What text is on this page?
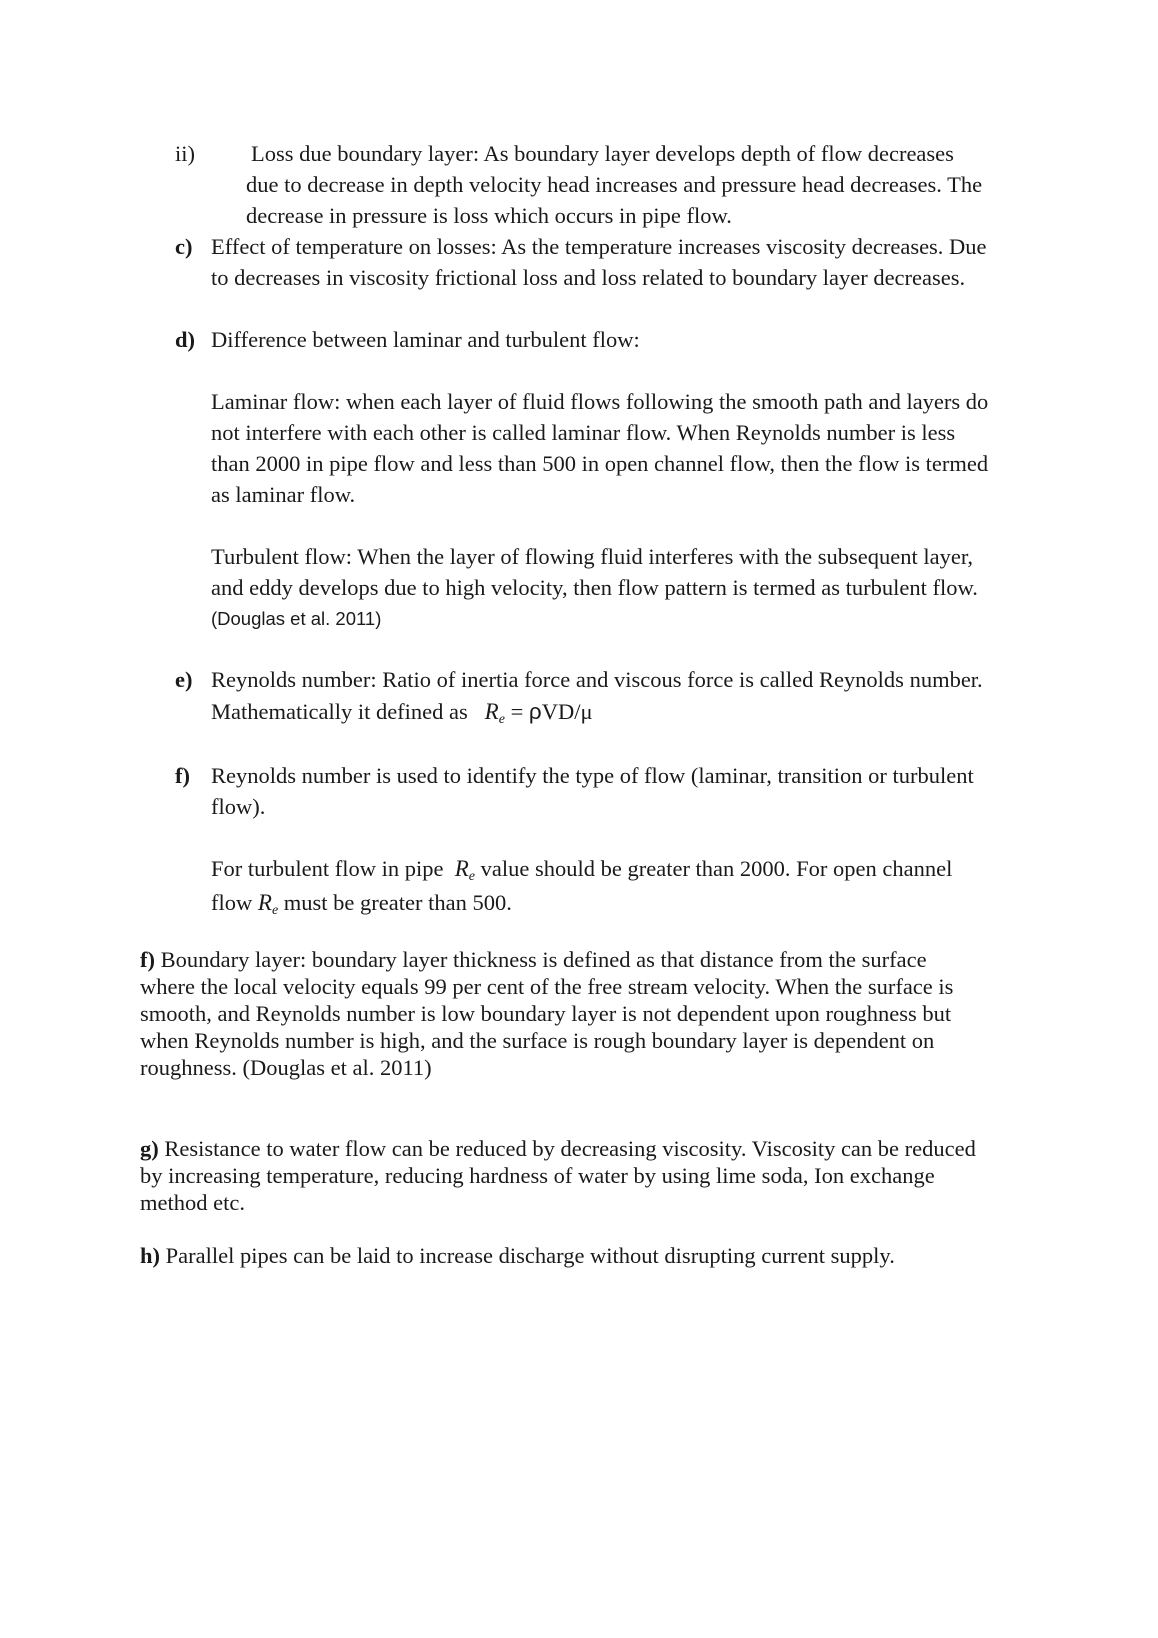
ii) Loss due boundary layer: As boundary layer develops depth of flow decreases
due to decrease in depth velocity head increases and pressure head decreases. The
decrease in pressure is loss which occurs in pipe flow.
c) Effect of temperature on losses: As the temperature increases viscosity decreases. Due
to decreases in viscosity frictional loss and loss related to boundary layer decreases.
d) Difference between laminar and turbulent flow:
Laminar flow: when each layer of fluid flows following the smooth path and layers do
not interfere with each other is called laminar flow. When Reynolds number is less
than 2000 in pipe flow and less than 500 in open channel flow, then the flow is termed
as laminar flow.
Turbulent flow: When the layer of flowing fluid interferes with the subsequent layer,
and eddy develops due to high velocity, then flow pattern is termed as turbulent flow.
(Douglas et al. 2011)
e) Reynolds number: Ratio of inertia force and viscous force is called Reynolds number.
Mathematically it defined as $R_e = \rho VD/\mu$
f) Reynolds number is used to identify the type of flow (laminar, transition or turbulent
flow).
For turbulent flow in pipe $R_e$ value should be greater than 2000. For open channel
flow $R_e$ must be greater than 500.
f) Boundary layer: boundary layer thickness is defined as that distance from the surface
where the local velocity equals 99 per cent of the free stream velocity. When the surface is
smooth, and Reynolds number is low boundary layer is not dependent upon roughness but
when Reynolds number is high, and the surface is rough boundary layer is dependent on
roughness. (Douglas et al. 2011)
g) Resistance to water flow can be reduced by decreasing viscosity. Viscosity can be reduced
by increasing temperature, reducing hardness of water by using lime soda, Ion exchange
method etc.
h) Parallel pipes can be laid to increase discharge without disrupting current supply.
